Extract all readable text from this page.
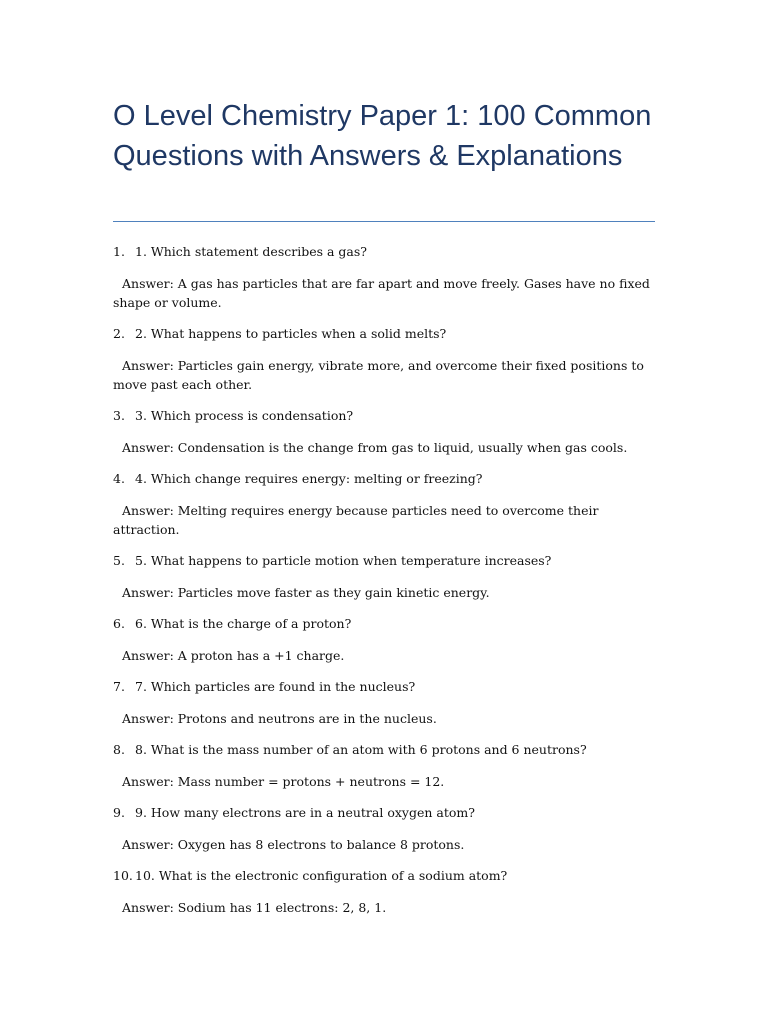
O Level Chemistry Paper 1: 100 Common Questions with Answers & Explanations
1. 1. Which statement describes a gas?

Answer: A gas has particles that are far apart and move freely. Gases have no fixed shape or volume.

2. 2. What happens to particles when a solid melts?

Answer: Particles gain energy, vibrate more, and overcome their fixed positions to move past each other.

3. 3. Which process is condensation?

Answer: Condensation is the change from gas to liquid, usually when gas cools.

4. 4. Which change requires energy: melting or freezing?

Answer: Melting requires energy because particles need to overcome their attraction.

5. 5. What happens to particle motion when temperature increases?

Answer: Particles move faster as they gain kinetic energy.

6. 6. What is the charge of a proton?

Answer: A proton has a +1 charge.

7. 7. Which particles are found in the nucleus?

Answer: Protons and neutrons are in the nucleus.

8. 8. What is the mass number of an atom with 6 protons and 6 neutrons?

Answer: Mass number = protons + neutrons = 12.

9. 9. How many electrons are in a neutral oxygen atom?

Answer: Oxygen has 8 electrons to balance 8 protons.

10. 10. What is the electronic configuration of a sodium atom?

Answer: Sodium has 11 electrons: 2, 8, 1.
